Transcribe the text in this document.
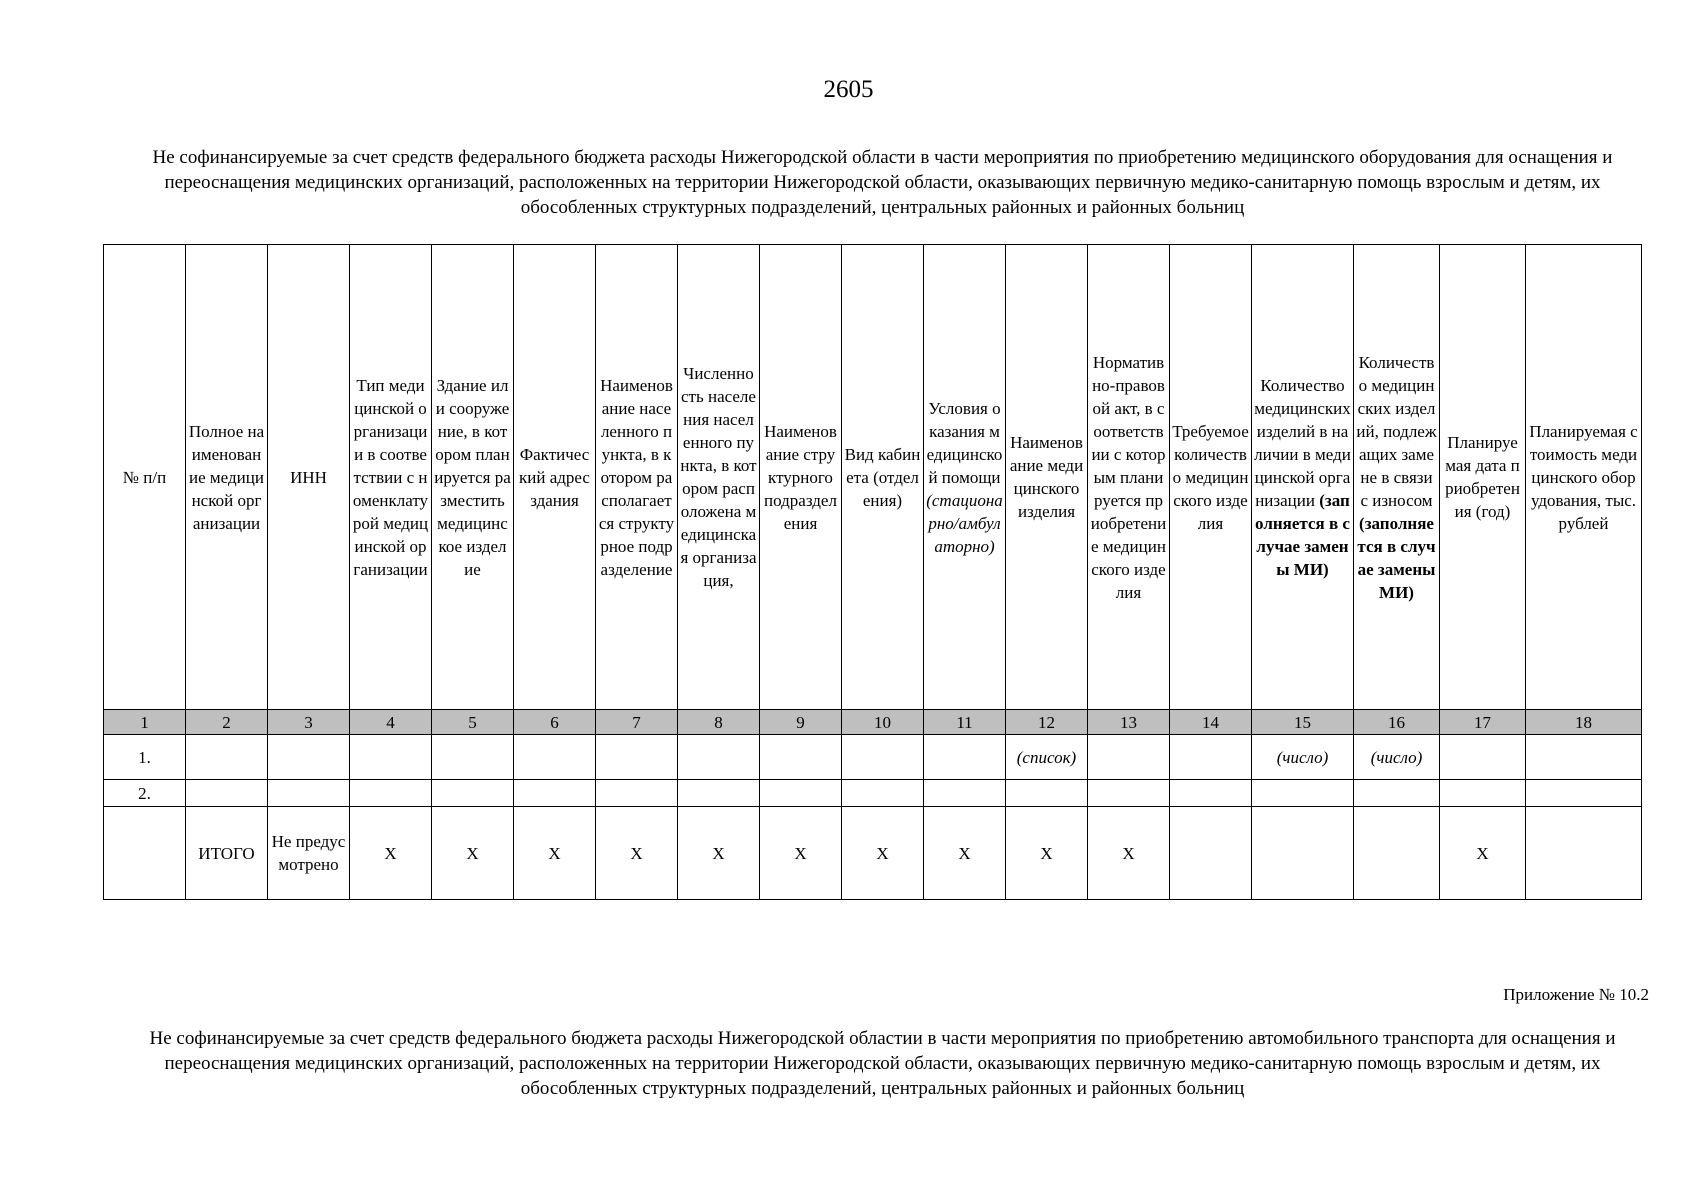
2605
Не софинансируемые за счет средств федерального бюджета расходы Нижегородской области в части мероприятия по приобретению медицинского оборудования для оснащения и переоснащения медицинских организаций, расположенных на территории Нижегородской области, оказывающих первичную медико-санитарную помощь взрослым и детям, их обособленных структурных подразделений, центральных районных и районных больниц
№ п/п	Полное наименование медицинской организации	ИНН	Тип медицинской организации в соответствии с номенклатурой медицинской организации	Здание или сооружение, в котором планируется разместить медицинское изделие	Фактический адрес здания	Наименование населенного пункта, в котором располагается структурное подразделение	Численность населения населенного пункта, в котором расположена медицинская организация,	Наименование структурного подразделения	Вид кабинета (отделения)	Условия оказания медицинской помощи (стационарно/амбулаторно)	Наименование медицинского изделия	Нормативно-правовой акт, в соответствии с которым планируется приобретение медицинского изделия	Требуемое количество медицинского изделия	Количество медицинских изделий в наличии в медицинской организации (заполняется в случае замены МИ)	Количество медицинских изделий, подлежащих замене в связи с износом (заполняется в случае замены МИ)	Планируемая дата приобретения (год)	Планируемая стоимость медицинского оборудования, тыс. рублей
1	2	3	4	5	6	7	8	9	10	11	12	13	14	15	16	17	18
1.											(список)			(число)	(число)		
2.																	
	ИТОГО	Не предусмотрено	X	X	X	X	X	X	X	X	X	X				X	
Приложение № 10.2
Не софинансируемые за счет средств федерального бюджета расходы Нижегородской областии в части мероприятия по приобретению автомобильного транспорта для оснащения и переоснащения медицинских организаций, расположенных на территории Нижегородской области, оказывающих первичную медико-санитарную помощь взрослым и детям, их обособленных структурных подразделений, центральных районных и районных больниц
